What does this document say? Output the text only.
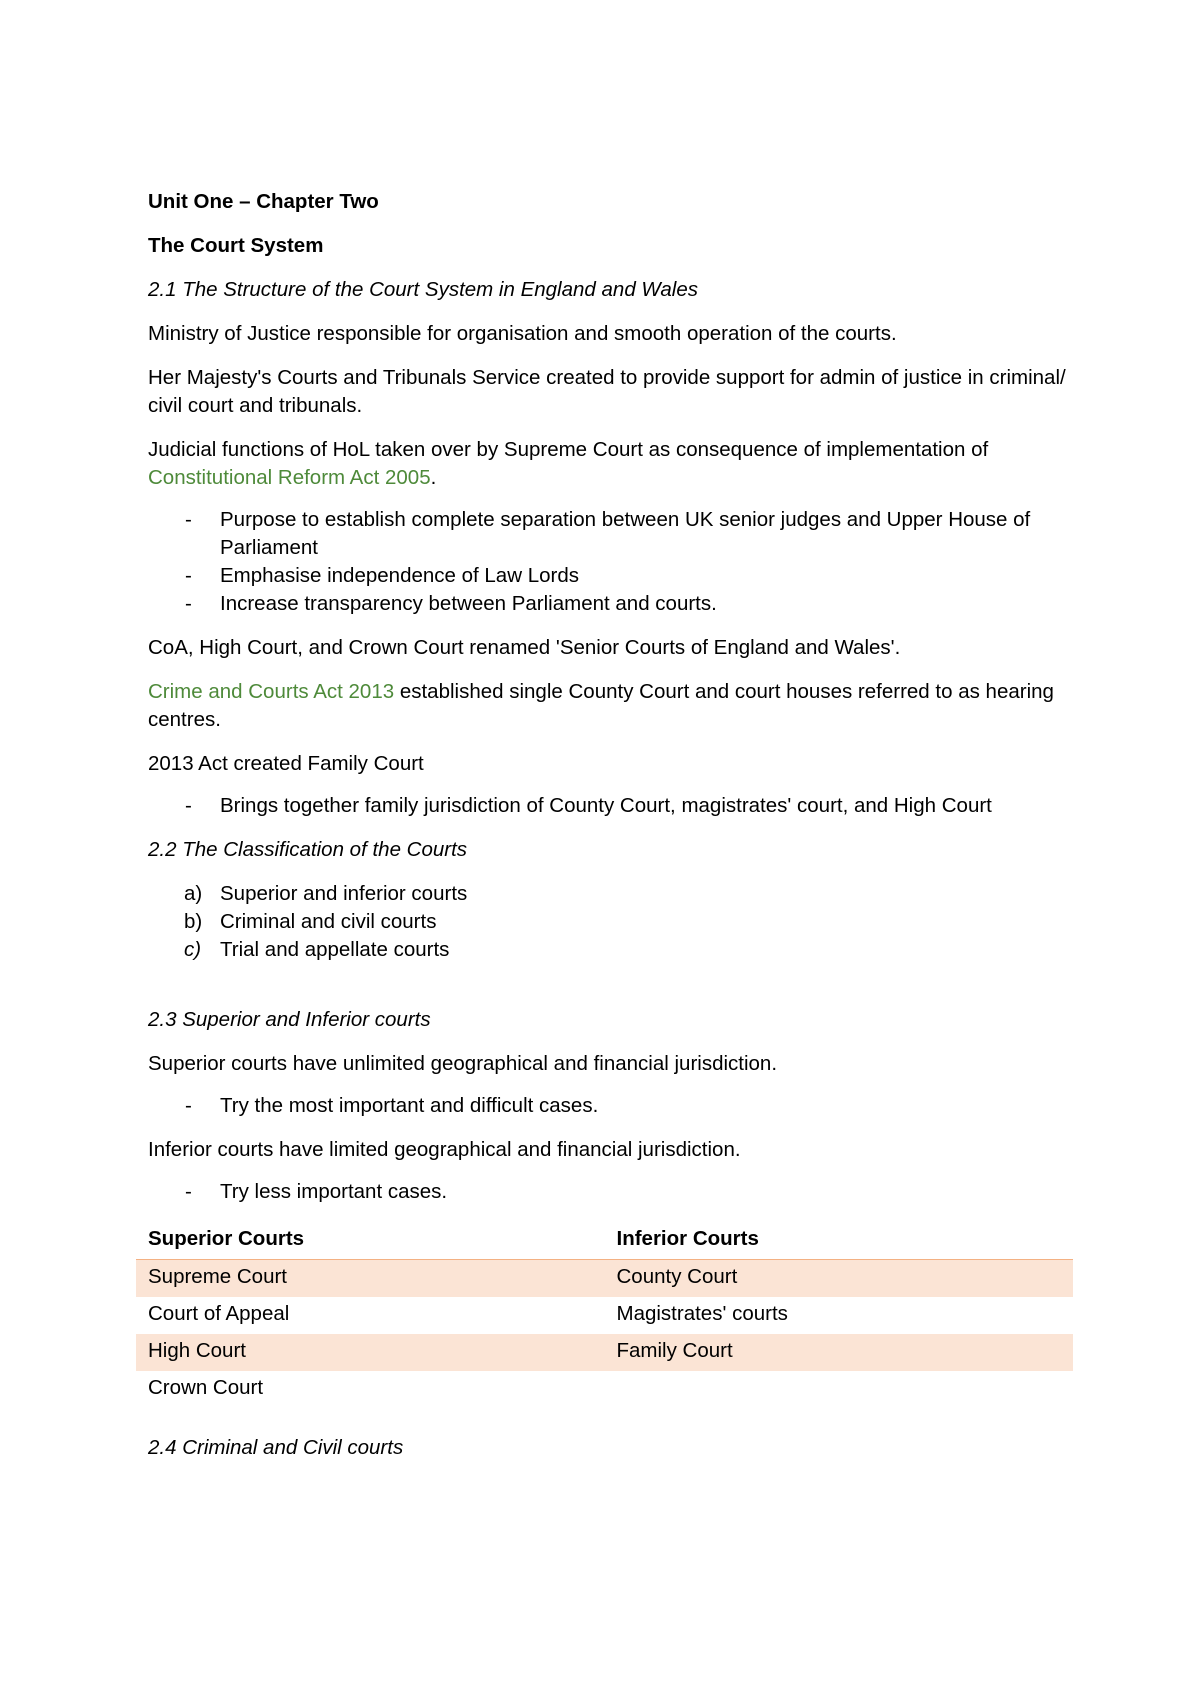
Unit One – Chapter Two

The Court System

2.1 The Structure of the Court System in England and Wales

Ministry of Justice responsible for organisation and smooth operation of the courts.

Her Majesty's Courts and Tribunals Service created to provide support for admin of justice in criminal/ civil court and tribunals.

Judicial functions of HoL taken over by Supreme Court as consequence of implementation of Constitutional Reform Act 2005.

- Purpose to establish complete separation between UK senior judges and Upper House of Parliament
- Emphasise independence of Law Lords
- Increase transparency between Parliament and courts.

CoA, High Court, and Crown Court renamed 'Senior Courts of England and Wales'.

Crime and Courts Act 2013 established single County Court and court houses referred to as hearing centres.

2013 Act created Family Court

- Brings together family jurisdiction of County Court, magistrates' court, and High Court

2.2 The Classification of the Courts

a) Superior and inferior courts
b) Criminal and civil courts
c) Trial and appellate courts

2.3 Superior and Inferior courts

Superior courts have unlimited geographical and financial jurisdiction.

- Try the most important and difficult cases.

Inferior courts have limited geographical and financial jurisdiction.

- Try less important cases.
Superior Courts	Inferior Courts
Supreme Court	County Court
Court of Appeal	Magistrates' courts
High Court	Family Court
Crown Court	

2.4 Criminal and Civil courts
